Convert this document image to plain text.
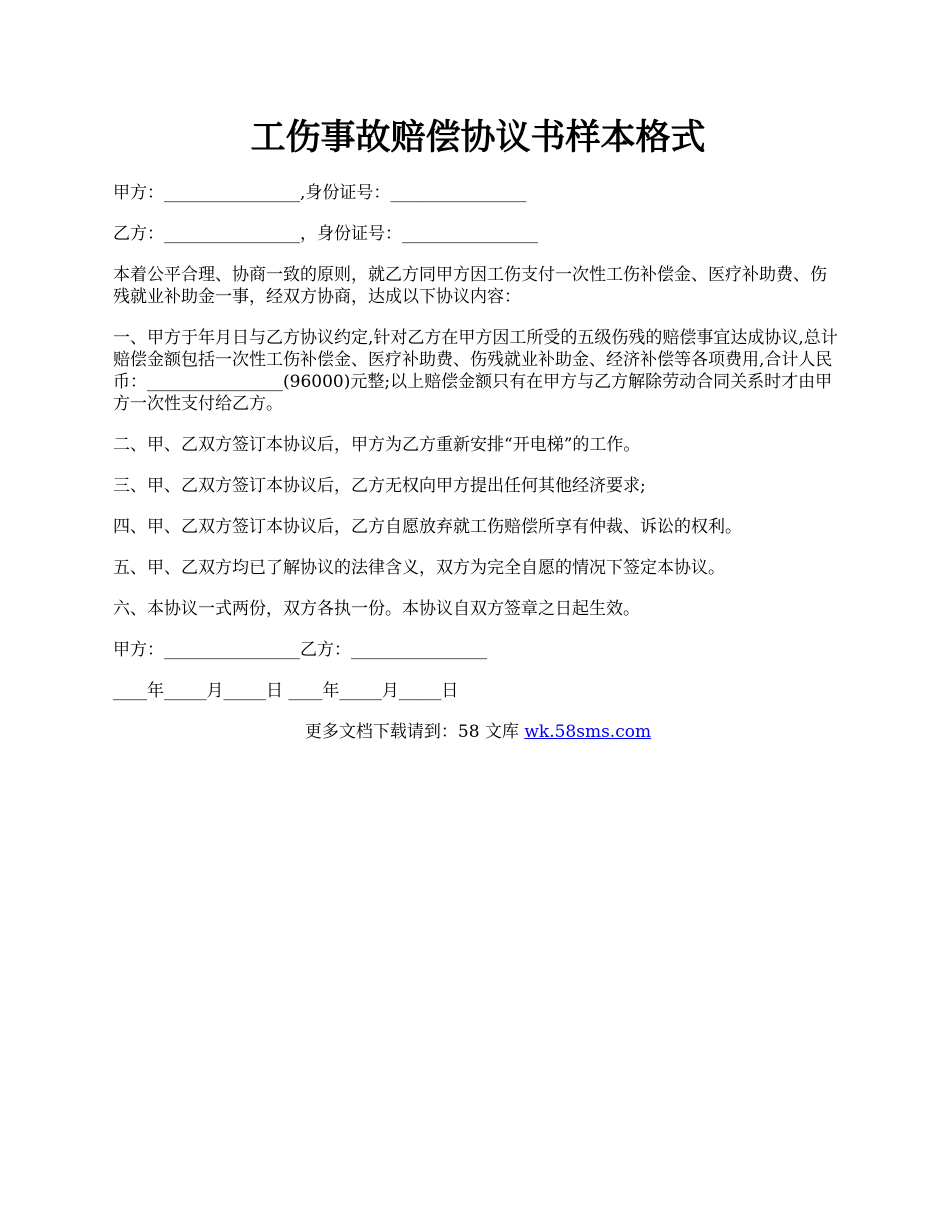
工伤事故赔偿协议书样本格式

甲方：________________,身份证号：________________

乙方：________________，身份证号：________________

本着公平合理、协商一致的原则，就乙方同甲方因工伤支付一次性工伤补偿金、医疗补助费、伤残就业补助金一事，经双方协商，达成以下协议内容：

一、甲方于年月日与乙方协议约定,针对乙方在甲方因工所受的五级伤残的赔偿事宜达成协议,总计赔偿金额包括一次性工伤补偿金、医疗补助费、伤残就业补助金、经济补偿等各项费用,合计人民币：________________(96000)元整;以上赔偿金额只有在甲方与乙方解除劳动合同关系时才由甲方一次性支付给乙方。

二、甲、乙双方签订本协议后，甲方为乙方重新安排“开电梯”的工作。

三、甲、乙双方签订本协议后，乙方无权向甲方提出任何其他经济要求;

四、甲、乙双方签订本协议后，乙方自愿放弃就工伤赔偿所享有仲裁、诉讼的权利。

五、甲、乙双方均已了解协议的法律含义，双方为完全自愿的情况下签定本协议。

六、本协议一式两份，双方各执一份。本协议自双方签章之日起生效。

甲方：________________乙方：________________

____年_____月_____日 ____年_____月_____日

更多文档下载请到：58 文库 wk.58sms.com
